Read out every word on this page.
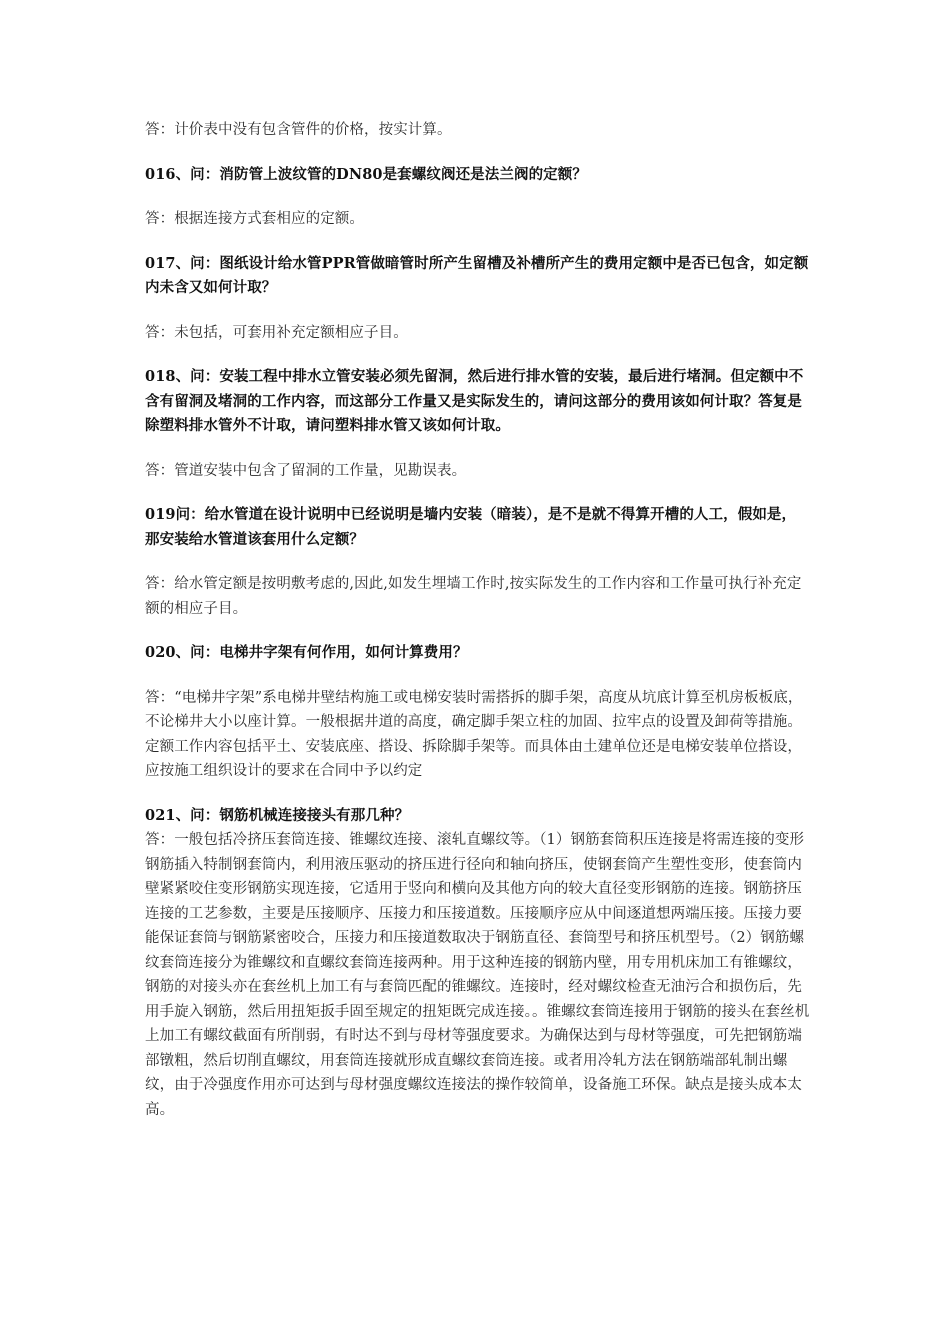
答：计价表中没有包含管件的价格，按实计算。

016、问：消防管上波纹管的DN80是套螺纹阀还是法兰阀的定额？

答：根据连接方式套相应的定额。

017、问：图纸设计给水管PPR管做暗管时所产生留槽及补槽所产生的费用定额中是否已包含，如定额内未含又如何计取？

答：未包括，可套用补充定额相应子目。

018、问：安装工程中排水立管安装必须先留洞，然后进行排水管的安装，最后进行堵洞。但定额中不含有留洞及堵洞的工作内容，而这部分工作量又是实际发生的，请问这部分的费用该如何计取？答复是除塑料排水管外不计取，请问塑料排水管又该如何计取。

答：管道安装中包含了留洞的工作量，见勘误表。

019问：给水管道在设计说明中已经说明是墙内安装（暗装），是不是就不得算开槽的人工，假如是，那安装给水管道该套用什么定额？

答：给水管定额是按明敷考虑的,因此,如发生埋墙工作时,按实际发生的工作内容和工作量可执行补充定额的相应子目。

020、问：电梯井字架有何作用，如何计算费用？

答：“电梯井字架”系电梯井壁结构施工或电梯安装时需搭拆的脚手架，高度从坑底计算至机房板板底，不论梯井大小以座计算。一般根据井道的高度，确定脚手架立柱的加固、拉牢点的设置及卸荷等措施。定额工作内容包括平土、安装底座、搭设、拆除脚手架等。而具体由土建单位还是电梯安装单位搭设，应按施工组织设计的要求在合同中予以约定

021、问：钢筋机械连接接头有那几种？

答：一般包括冷挤压套筒连接、锥螺纹连接、滚轧直螺纹等。（1）钢筋套筒积压连接是将需连接的变形钢筋插入特制钢套筒内，利用液压驱动的挤压进行径向和轴向挤压，使钢套筒产生塑性变形，使套筒内壁紧紧咬住变形钢筋实现连接，它适用于竖向和横向及其他方向的较大直径变形钢筋的连接。钢筋挤压连接的工艺参数，主要是压接顺序、压接力和压接道数。压接顺序应从中间逐道想两端压接。压接力要能保证套筒与钢筋紧密咬合，压接力和压接道数取决于钢筋直径、套筒型号和挤压机型号。（2）钢筋螺纹套筒连接分为锥螺纹和直螺纹套筒连接两种。用于这种连接的钢筋内壁，用专用机床加工有锥螺纹，钢筋的对接头亦在套丝机上加工有与套筒匹配的锥螺纹。连接时，经对螺纹检查无油污合和损伤后，先用手旋入钢筋，然后用扭矩扳手固至规定的扭矩既完成连接。。锥螺纹套筒连接用于钢筋的接头在套丝机上加工有螺纹截面有所削弱，有时达不到与母材等强度要求。为确保达到与母材等强度，可先把钢筋端部镦粗，然后切削直螺纹，用套筒连接就形成直螺纹套筒连接。或者用冷轧方法在钢筋端部轧制出螺纹，由于冷强度作用亦可达到与母材强度螺纹连接法的操作较简单，设备施工环保。缺点是接头成本太高。
